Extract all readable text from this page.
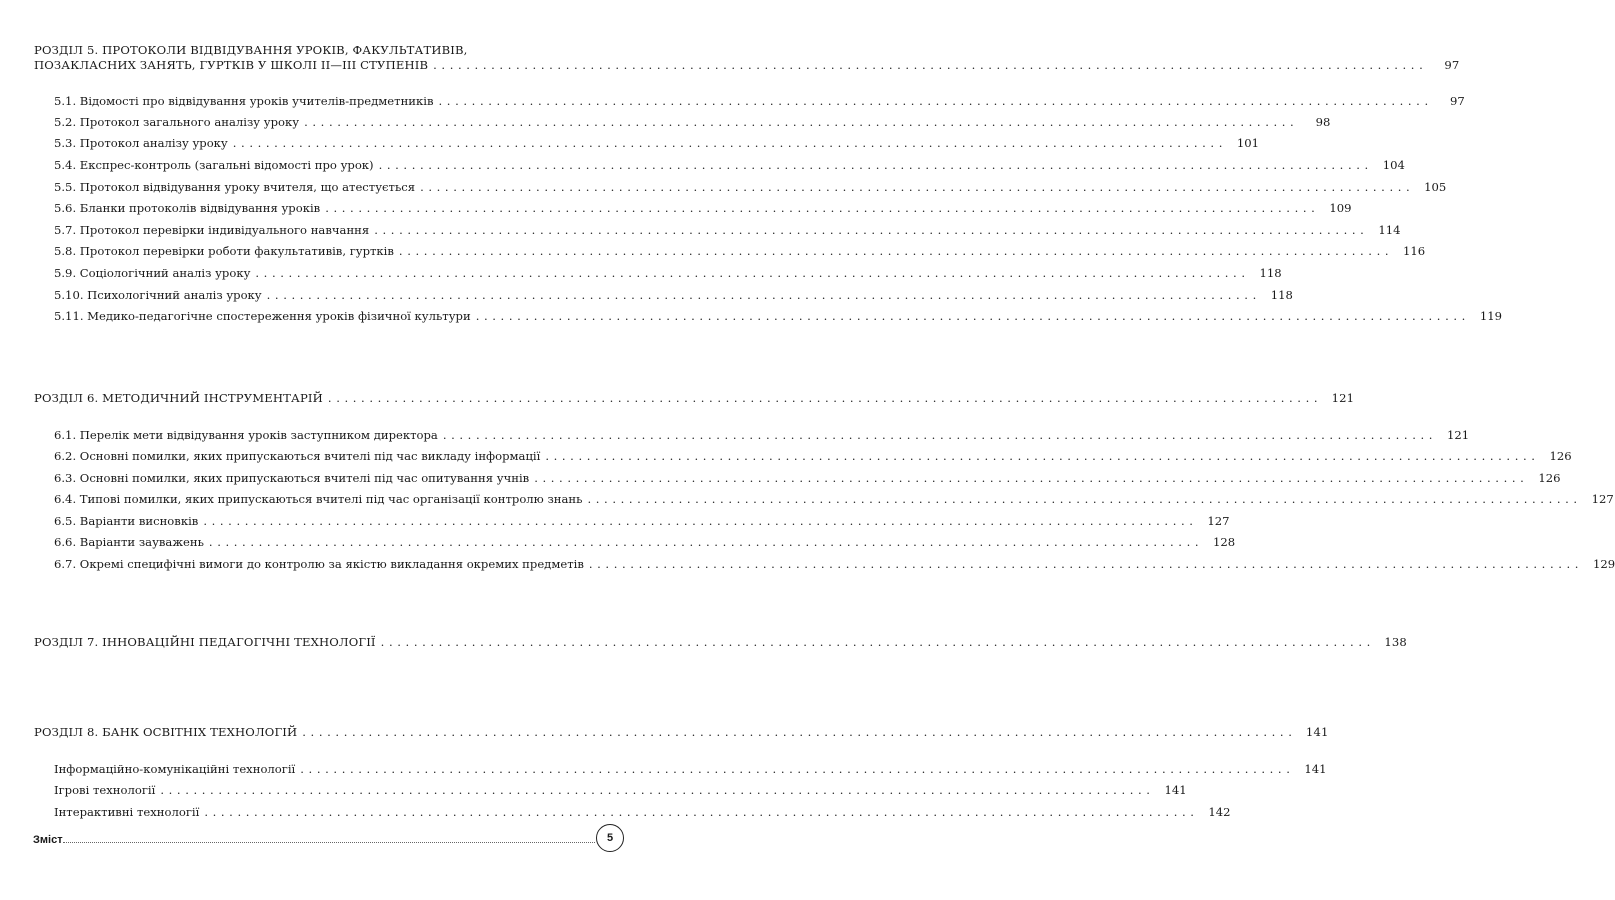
РОЗДІЛ 5. ПРОТОКОЛИ ВІДВІДУВАННЯ УРОКІВ, ФАКУЛЬТАТИВІВ,
ПОЗАКЛАСНИХ ЗАНЯТЬ, ГУРТКІВ У ШКОЛІ ІІ—ІІІ СТУПЕНІВ ........................................................................................................................	97
5.1. Відомості про відвідування уроків учителів-предметників ........................................................................................................................	97
5.2. Протокол загального аналізу уроку ........................................................................................................................	98
5.3. Протокол аналізу уроку ........................................................................................................................ 101
5.4. Експрес-контроль (загальні відомості про урок) ........................................................................................................................ 104
5.5. Протокол відвідування уроку вчителя, що атестується ........................................................................................................................ 105
5.6. Бланки протоколів відвідування уроків ........................................................................................................................ 109
5.7. Протокол перевірки індивідуального навчання ........................................................................................................................ 114
5.8. Протокол перевірки роботи факультативів, гуртків ........................................................................................................................ 116
5.9. Соціологічний аналіз уроку ........................................................................................................................ 118
5.10. Психологічний аналіз уроку ........................................................................................................................ 118
5.11. Медико-педагогічне спостереження уроків фізичної культури ........................................................................................................................ 119
РОЗДІЛ 6. МЕТОДИЧНИЙ ІНСТРУМЕНТАРІЙ ........................................................................................................................ 121
6.1. Перелік мети відвідування уроків заступником директора ........................................................................................................................ 121
6.2. Основні помилки, яких припускаються вчителі під час викладу інформації ........................................................................................................................ 126
6.3. Основні помилки, яких припускаються вчителі під час опитування учнів ........................................................................................................................ 126
6.4. Типові помилки, яких припускаються вчителі під час організації контролю знань ........................................................................................................................ 127
6.5. Варіанти висновків ........................................................................................................................ 127
6.6. Варіанти зауважень ........................................................................................................................ 128
6.7. Окремі специфічні вимоги до контролю за якістю викладання окремих предметів ........................................................................................................................ 129
РОЗДІЛ 7. ІННОВАЦІЙНІ ПЕДАГОГІЧНІ ТЕХНОЛОГІЇ ........................................................................................................................ 138
РОЗДІЛ 8. БАНК ОСВІТНІХ ТЕХНОЛОГІЙ ........................................................................................................................ 141
Інформаційно-комунікаційні технології ........................................................................................................................ 141
Ігрові технології ........................................................................................................................ 141
Інтерактивні технології ........................................................................................................................ 142
Зміст	5
